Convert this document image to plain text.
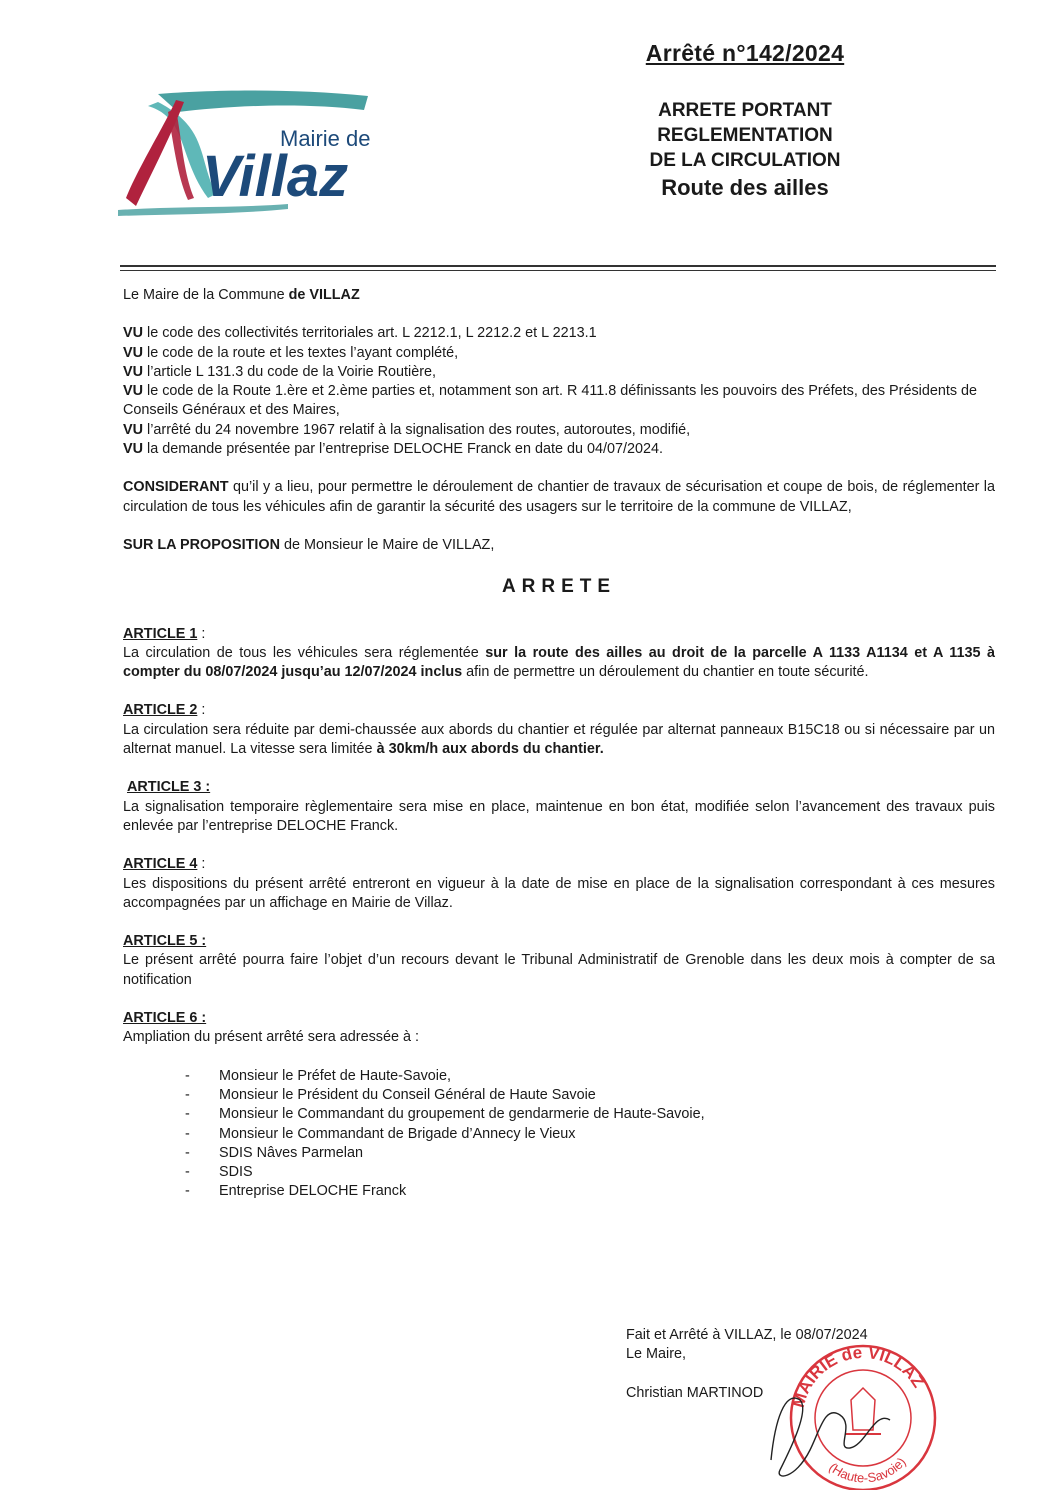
Mairie de
Villaz
Arrêté n°142/2024
ARRETE PORTANT
REGLEMENTATION
DE LA CIRCULATION
Route des ailles

Le Maire de la Commune de VILLAZ

VU le code des collectivités territoriales art. L 2212.1, L 2212.2 et L 2213.1

VU le code de la route et les textes l’ayant complété,

VU l’article L 131.3 du code de la Voirie Routière,

VU le code de la Route 1.ère et 2.ème parties et, notamment son art. R 411.8 définissants les pouvoirs des Préfets, des Présidents de Conseils Généraux et des Maires,

VU l’arrêté du 24 novembre 1967 relatif à la signalisation des routes, autoroutes, modifié,

VU la demande présentée par l’entreprise DELOCHE Franck en date du 04/07/2024.

CONSIDERANT qu’il y a lieu, pour permettre le déroulement de chantier de travaux de sécurisation et coupe de bois, de réglementer la circulation de tous les véhicules afin de garantir la sécurité des usagers sur le territoire de la commune de VILLAZ,

SUR LA PROPOSITION de Monsieur le Maire de VILLAZ,

ARRETE

ARTICLE 1 :

La circulation de tous les véhicules sera réglementée sur la route des ailles au droit de la parcelle A 1133 A1134 et A 1135 à compter du 08/07/2024 jusqu’au 12/07/2024 inclus afin de permettre un déroulement du chantier en toute sécurité.

ARTICLE 2 :

La circulation sera réduite par demi-chaussée aux abords du chantier et régulée par alternat panneaux B15C18 ou si nécessaire par un alternat manuel. La vitesse sera limitée à 30km/h aux abords du chantier.

ARTICLE 3 :

La signalisation temporaire règlementaire sera mise en place, maintenue en bon état, modifiée selon l’avancement des travaux puis enlevée par l’entreprise DELOCHE Franck.

ARTICLE 4 :

Les dispositions du présent arrêté entreront en vigueur à la date de mise en place de la signalisation correspondant à ces mesures accompagnées par un affichage en Mairie de Villaz.

ARTICLE 5 :

Le présent arrêté pourra faire l’objet d’un recours devant le Tribunal Administratif de Grenoble dans les deux mois à compter de sa notification

ARTICLE 6 :

Ampliation du présent arrêté sera adressée à :

- Monsieur le Préfet de Haute-Savoie,
- Monsieur le Président du Conseil Général de Haute Savoie
- Monsieur le Commandant du groupement de gendarmerie de Haute-Savoie,
- Monsieur le Commandant de Brigade d’Annecy le Vieux
- SDIS Nâves Parmelan
- SDIS
- Entreprise DELOCHE Franck
Fait et Arrêté à VILLAZ, le 08/07/2024
Le Maire,
Christian MARTINOD	MAIRIE de VILLAZ
(Haute-Savoie)
